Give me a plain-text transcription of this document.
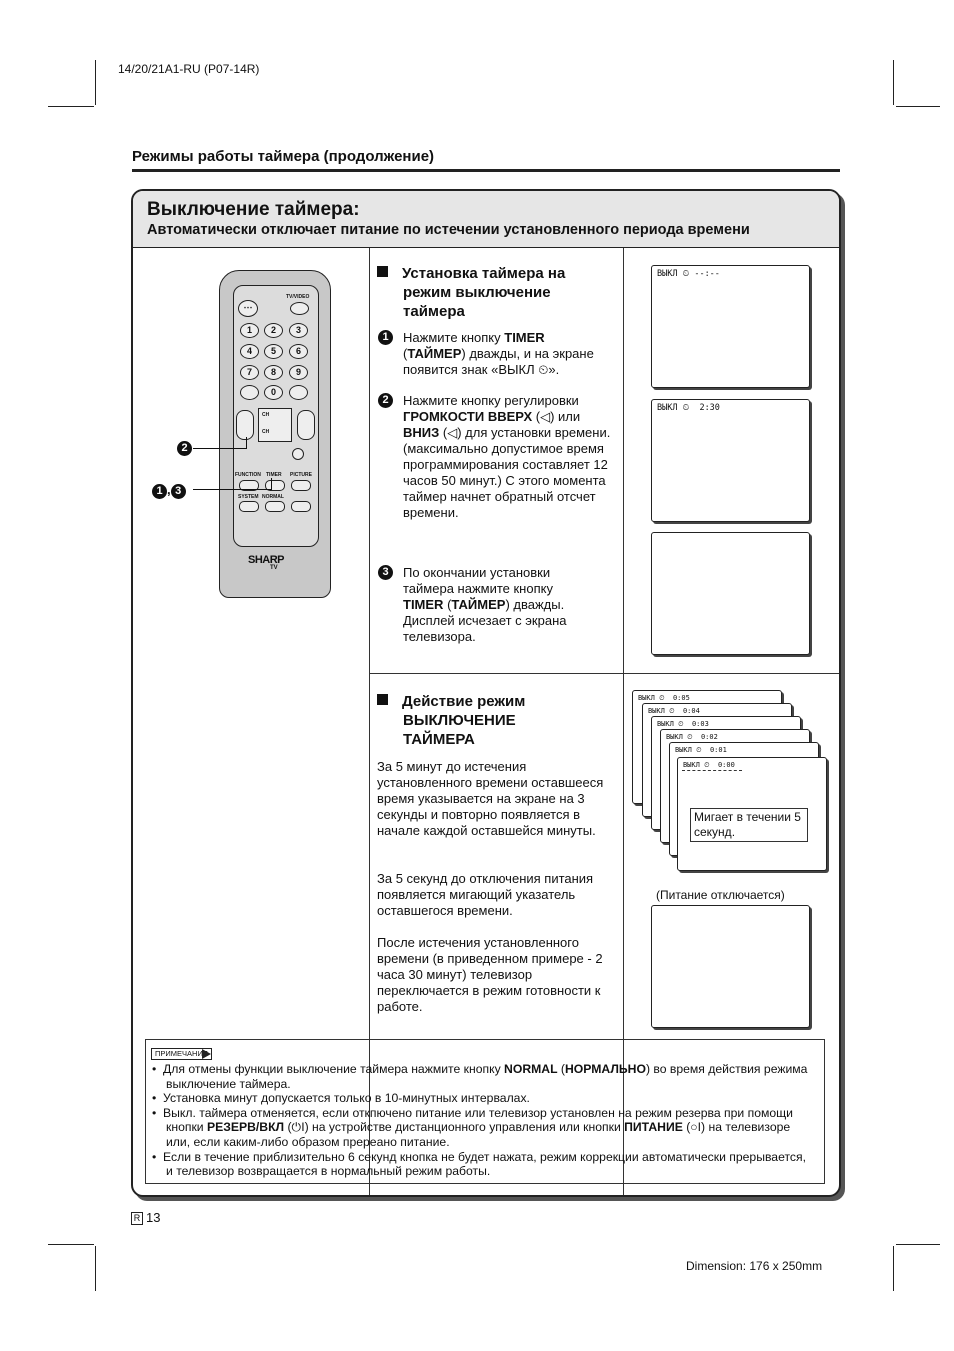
14/20/21A1-RU (P07-14R)
Режимы работы таймера (продолжение)
Выключение таймера:
Автоматически отключает питание по истечении установленного периода времени
⋯
TV/VIDEO
1	2	3
4	5	6
7	8	9
0
CH
CH
FUNCTION TIMER PICTURE
SYSTEM NORMAL
SHARP
TV
2
1 , 3
Установка таймера на режим выключение таймера
1	Нажмите кнопку TIMER
(ТАЙМЕР) дважды, и на экране появится знак «ВЫКЛ ⏲».
2	Нажмите кнопку регулировки ГРОМКОСТИ ВВЕРХ (◁) или ВНИЗ (◁) для установки времени.
(максимально допустимое время программирования составляет 12 часов 50 минут.) С этого момента таймер начнет обратный отсчет времени.
3	По окончании установки таймера нажмите кнопку TIMER (ТАЙМЕР) дважды. Дисплей исчезает с экрана телевизора.
ВЫКЛ ⏲ --:--
ВЫКЛ ⏲  2:30
Действие режим ВЫКЛЮЧЕНИЕ ТАЙМЕРА
За 5 минут до истечения установленного времени оставшееся время указывается на экране на 3 секунды и повторно появляется в начале каждой оставшейся минуты.
За 5 секунд до отключения питания появляется мигающий указатель оставшегося времени.
После истечения установленного времени (в приведенном примере - 2 часа 30 минут) телевизор переключается в режим готовности к работе.
ВЫКЛ ⏲  0:05
ВЫКЛ ⏲  0:04
ВЫКЛ ⏲  0:03
ВЫКЛ ⏲  0:02
ВЫКЛ ⏲  0:01
ВЫКЛ ⏲  0:00
Мигает в течении 5 секунд.
(Питание отключается)
ПРИМЕЧАНИЕ
•  Для отмены функции выключение таймера нажмите кнопку NORMAL (НОРМАЛЬНО) во время действия режима выключение таймера.
•  Установка минут допускается только в 10-минутных интервалах.
•  Выкл. таймера отменяется, если откпючено питание или телевизор установлен на режим резерва при помощи кнопки РЕЗЕРВ/ВКЛ (⏻I) на устройстве дистанционного управления или кнопки ПИТАНИЕ (○I) на телевизоре или, если каким-либо образом прерeано питание.
•  Если в течение приблизительно 6 секунд кнопка не будет нажата, режим коррекции автоматически прерывается, и телевизор возвращается в нормальный режим работы.
R 13
Dimension: 176 x 250mm
